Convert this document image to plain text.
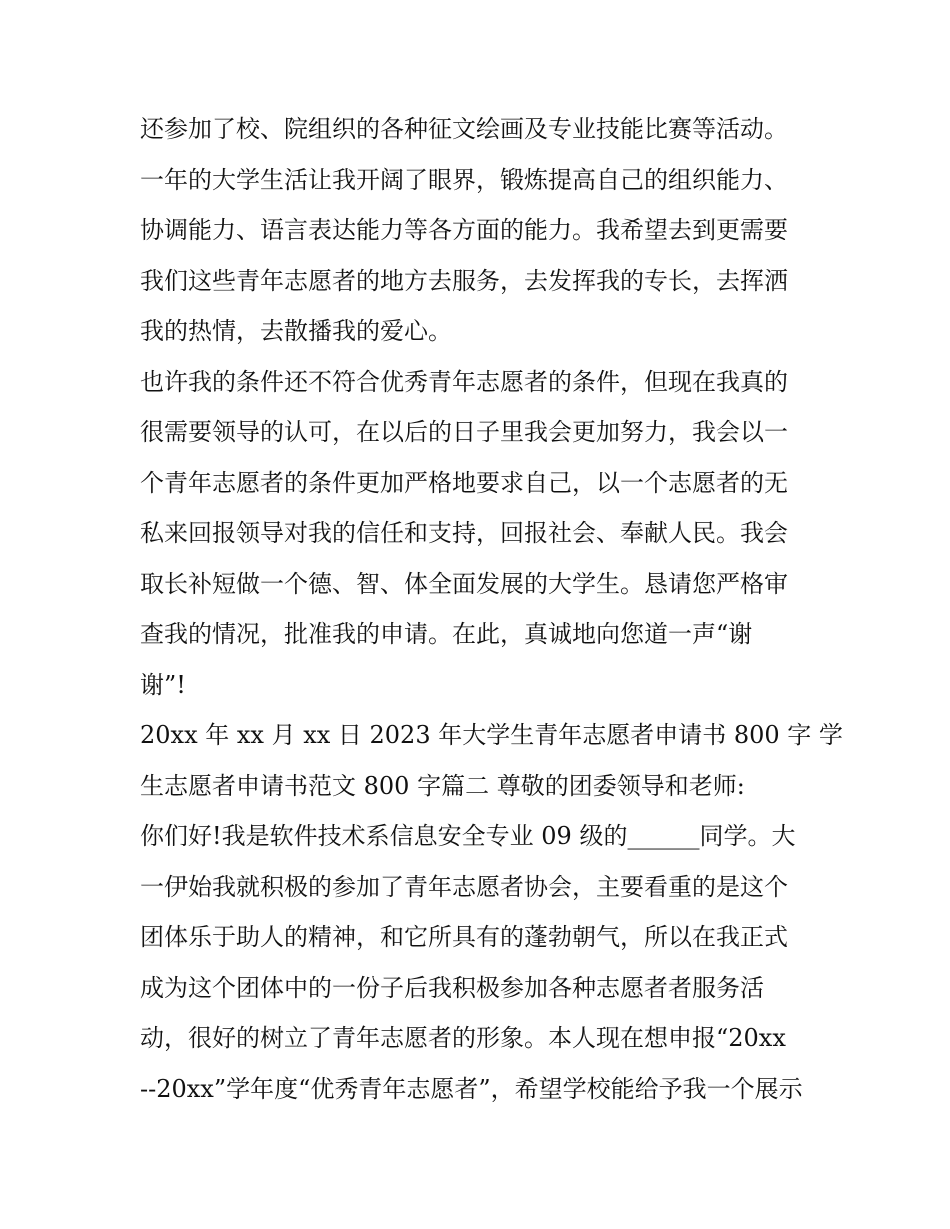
还参加了校、院组织的各种征文绘画及专业技能比赛等活动。
一年的大学生活让我开阔了眼界，锻炼提高自己的组织能力、
协调能力、语言表达能力等各方面的能力。我希望去到更需要
我们这些青年志愿者的地方去服务，去发挥我的专长，去挥洒
我的热情，去散播我的爱心。
也许我的条件还不符合优秀青年志愿者的条件，但现在我真的
很需要领导的认可，在以后的日子里我会更加努力，我会以一
个青年志愿者的条件更加严格地要求自己，以一个志愿者的无
私来回报领导对我的信任和支持，回报社会、奉献人民。我会
取长补短做一个德、智、体全面发展的大学生。恳请您严格审
查我的情况，批准我的申请。在此，真诚地向您道一声“谢
谢”!
20xx 年 xx 月 xx 日 2023 年大学生青年志愿者申请书 800 字 学
生志愿者申请书范文 800 字篇二 尊敬的团委领导和老师:
你们好!我是软件技术系信息安全专业 09 级的______同学。大
一伊始我就积极的参加了青年志愿者协会，主要看重的是这个
团体乐于助人的精神，和它所具有的蓬勃朝气，所以在我正式
成为这个团体中的一份子后我积极参加各种志愿者者服务活
动，很好的树立了青年志愿者的形象。本人现在想申报“20xx
--20xx”学年度“优秀青年志愿者”，希望学校能给予我一个展示
